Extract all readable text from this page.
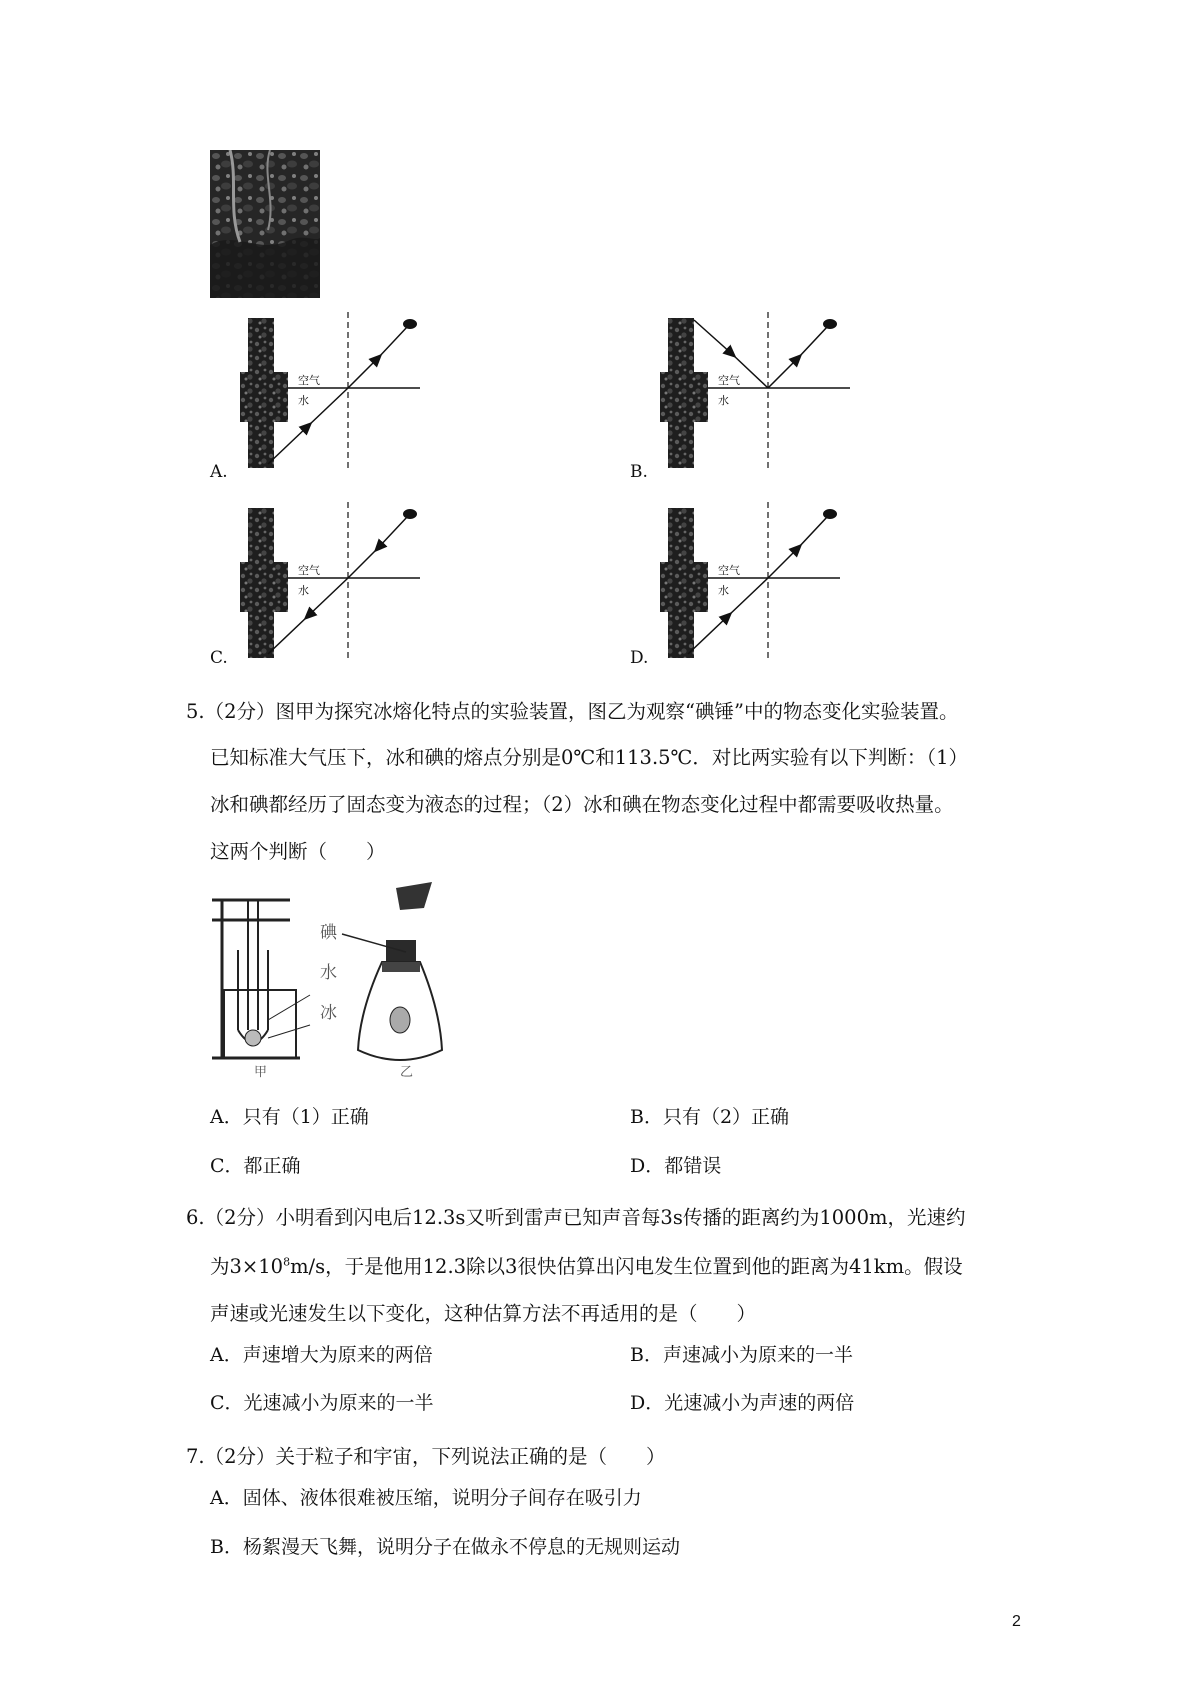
空气
水
A.
空气
水
B.
空气
水
C.
空气
水
D.
5.（2分）图甲为探究冰熔化特点的实验装置，图乙为观察“碘锤”中的物态变化实验装置。
已知标准大气压下，冰和碘的熔点分别是0℃和113.5℃．对比两实验有以下判断：（1）
冰和碘都经历了固态变为液态的过程；（2）冰和碘在物态变化过程中都需要吸收热量。
这两个判断（　　）
甲
碘
水
冰
乙
A．只有（1）正确	B．只有（2）正确
C．都正确	D．都错误
6.（2分）小明看到闪电后12.3s又听到雷声已知声音每3s传播的距离约为1000m，光速约
为$3\times 10^8m/s$，于是他用12.3除以3很快估算出闪电发生位置到他的距离为41km。假设
声速或光速发生以下变化，这种估算方法不再适用的是（　　）
A．声速增大为原来的两倍	B．声速减小为原来的一半
C．光速减小为原来的一半	D．光速减小为声速的两倍
7.（2分）关于粒子和宇宙，下列说法正确的是（　　）
A．固体、液体很难被压缩，说明分子间存在吸引力
B．杨絮漫天飞舞，说明分子在做永不停息的无规则运动
2
